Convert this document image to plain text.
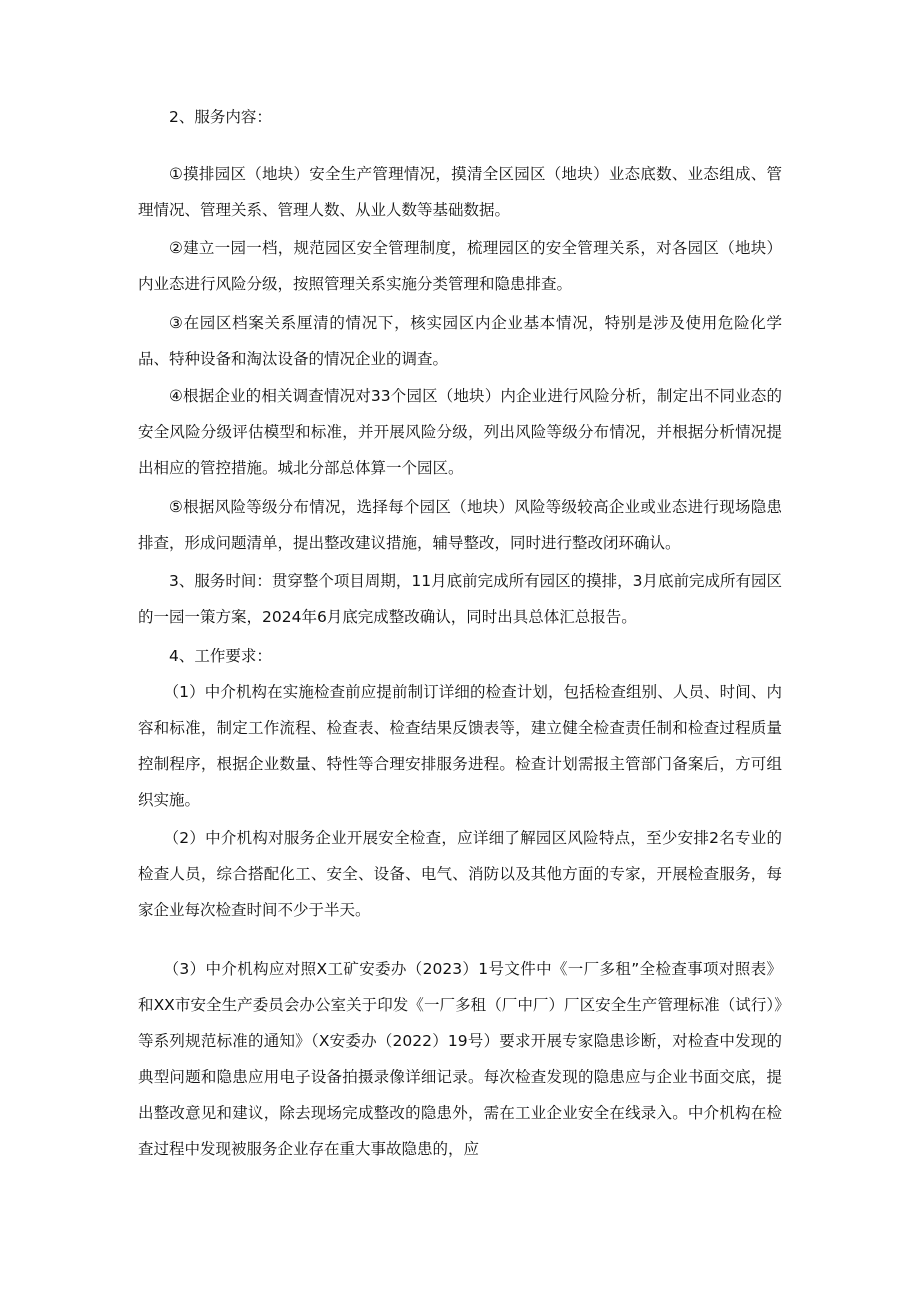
2、服务内容：

①摸排园区（地块）安全生产管理情况，摸清全区园区（地块）业态底数、业态组成、管理情况、管理关系、管理人数、从业人数等基础数据。

②建立一园一档，规范园区安全管理制度，梳理园区的安全管理关系，对各园区（地块）内业态进行风险分级，按照管理关系实施分类管理和隐患排查。

③在园区档案关系厘清的情况下，核实园区内企业基本情况，特别是涉及使用危险化学品、特种设备和淘汰设备的情况企业的调查。

④根据企业的相关调查情况对33个园区（地块）内企业进行风险分析，制定出不同业态的安全风险分级评估模型和标准，并开展风险分级，列出风险等级分布情况，并根据分析情况提出相应的管控措施。城北分部总体算一个园区。

⑤根据风险等级分布情况，选择每个园区（地块）风险等级较高企业或业态进行现场隐患排查，形成问题清单，提出整改建议措施，辅导整改，同时进行整改闭环确认。

3、服务时间：贯穿整个项目周期，11月底前完成所有园区的摸排，3月底前完成所有园区的一园一策方案，2024年6月底完成整改确认，同时出具总体汇总报告。

4、工作要求：

（1）中介机构在实施检查前应提前制订详细的检查计划，包括检查组别、人员、时间、内容和标准，制定工作流程、检查表、检查结果反馈表等，建立健全检查责任制和检查过程质量控制程序，根据企业数量、特性等合理安排服务进程。检查计划需报主管部门备案后，方可组织实施。

（2）中介机构对服务企业开展安全检查，应详细了解园区风险特点，至少安排2名专业的检查人员，综合搭配化工、安全、设备、电气、消防以及其他方面的专家，开展检查服务，每家企业每次检查时间不少于半天。

（3）中介机构应对照X工矿安委办（2023）1号文件中《一厂多租”全检查事项对照表》和XX市安全生产委员会办公室关于印发《一厂多租（厂中厂）厂区安全生产管理标准（试行）》等系列规范标准的通知》（X安委办（2022）19号）要求开展专家隐患诊断，对检查中发现的典型问题和隐患应用电子设备拍摄录像详细记录。每次检查发现的隐患应与企业书面交底，提出整改意见和建议，除去现场完成整改的隐患外，需在工业企业安全在线录入。中介机构在检查过程中发现被服务企业存在重大事故隐患的，应
